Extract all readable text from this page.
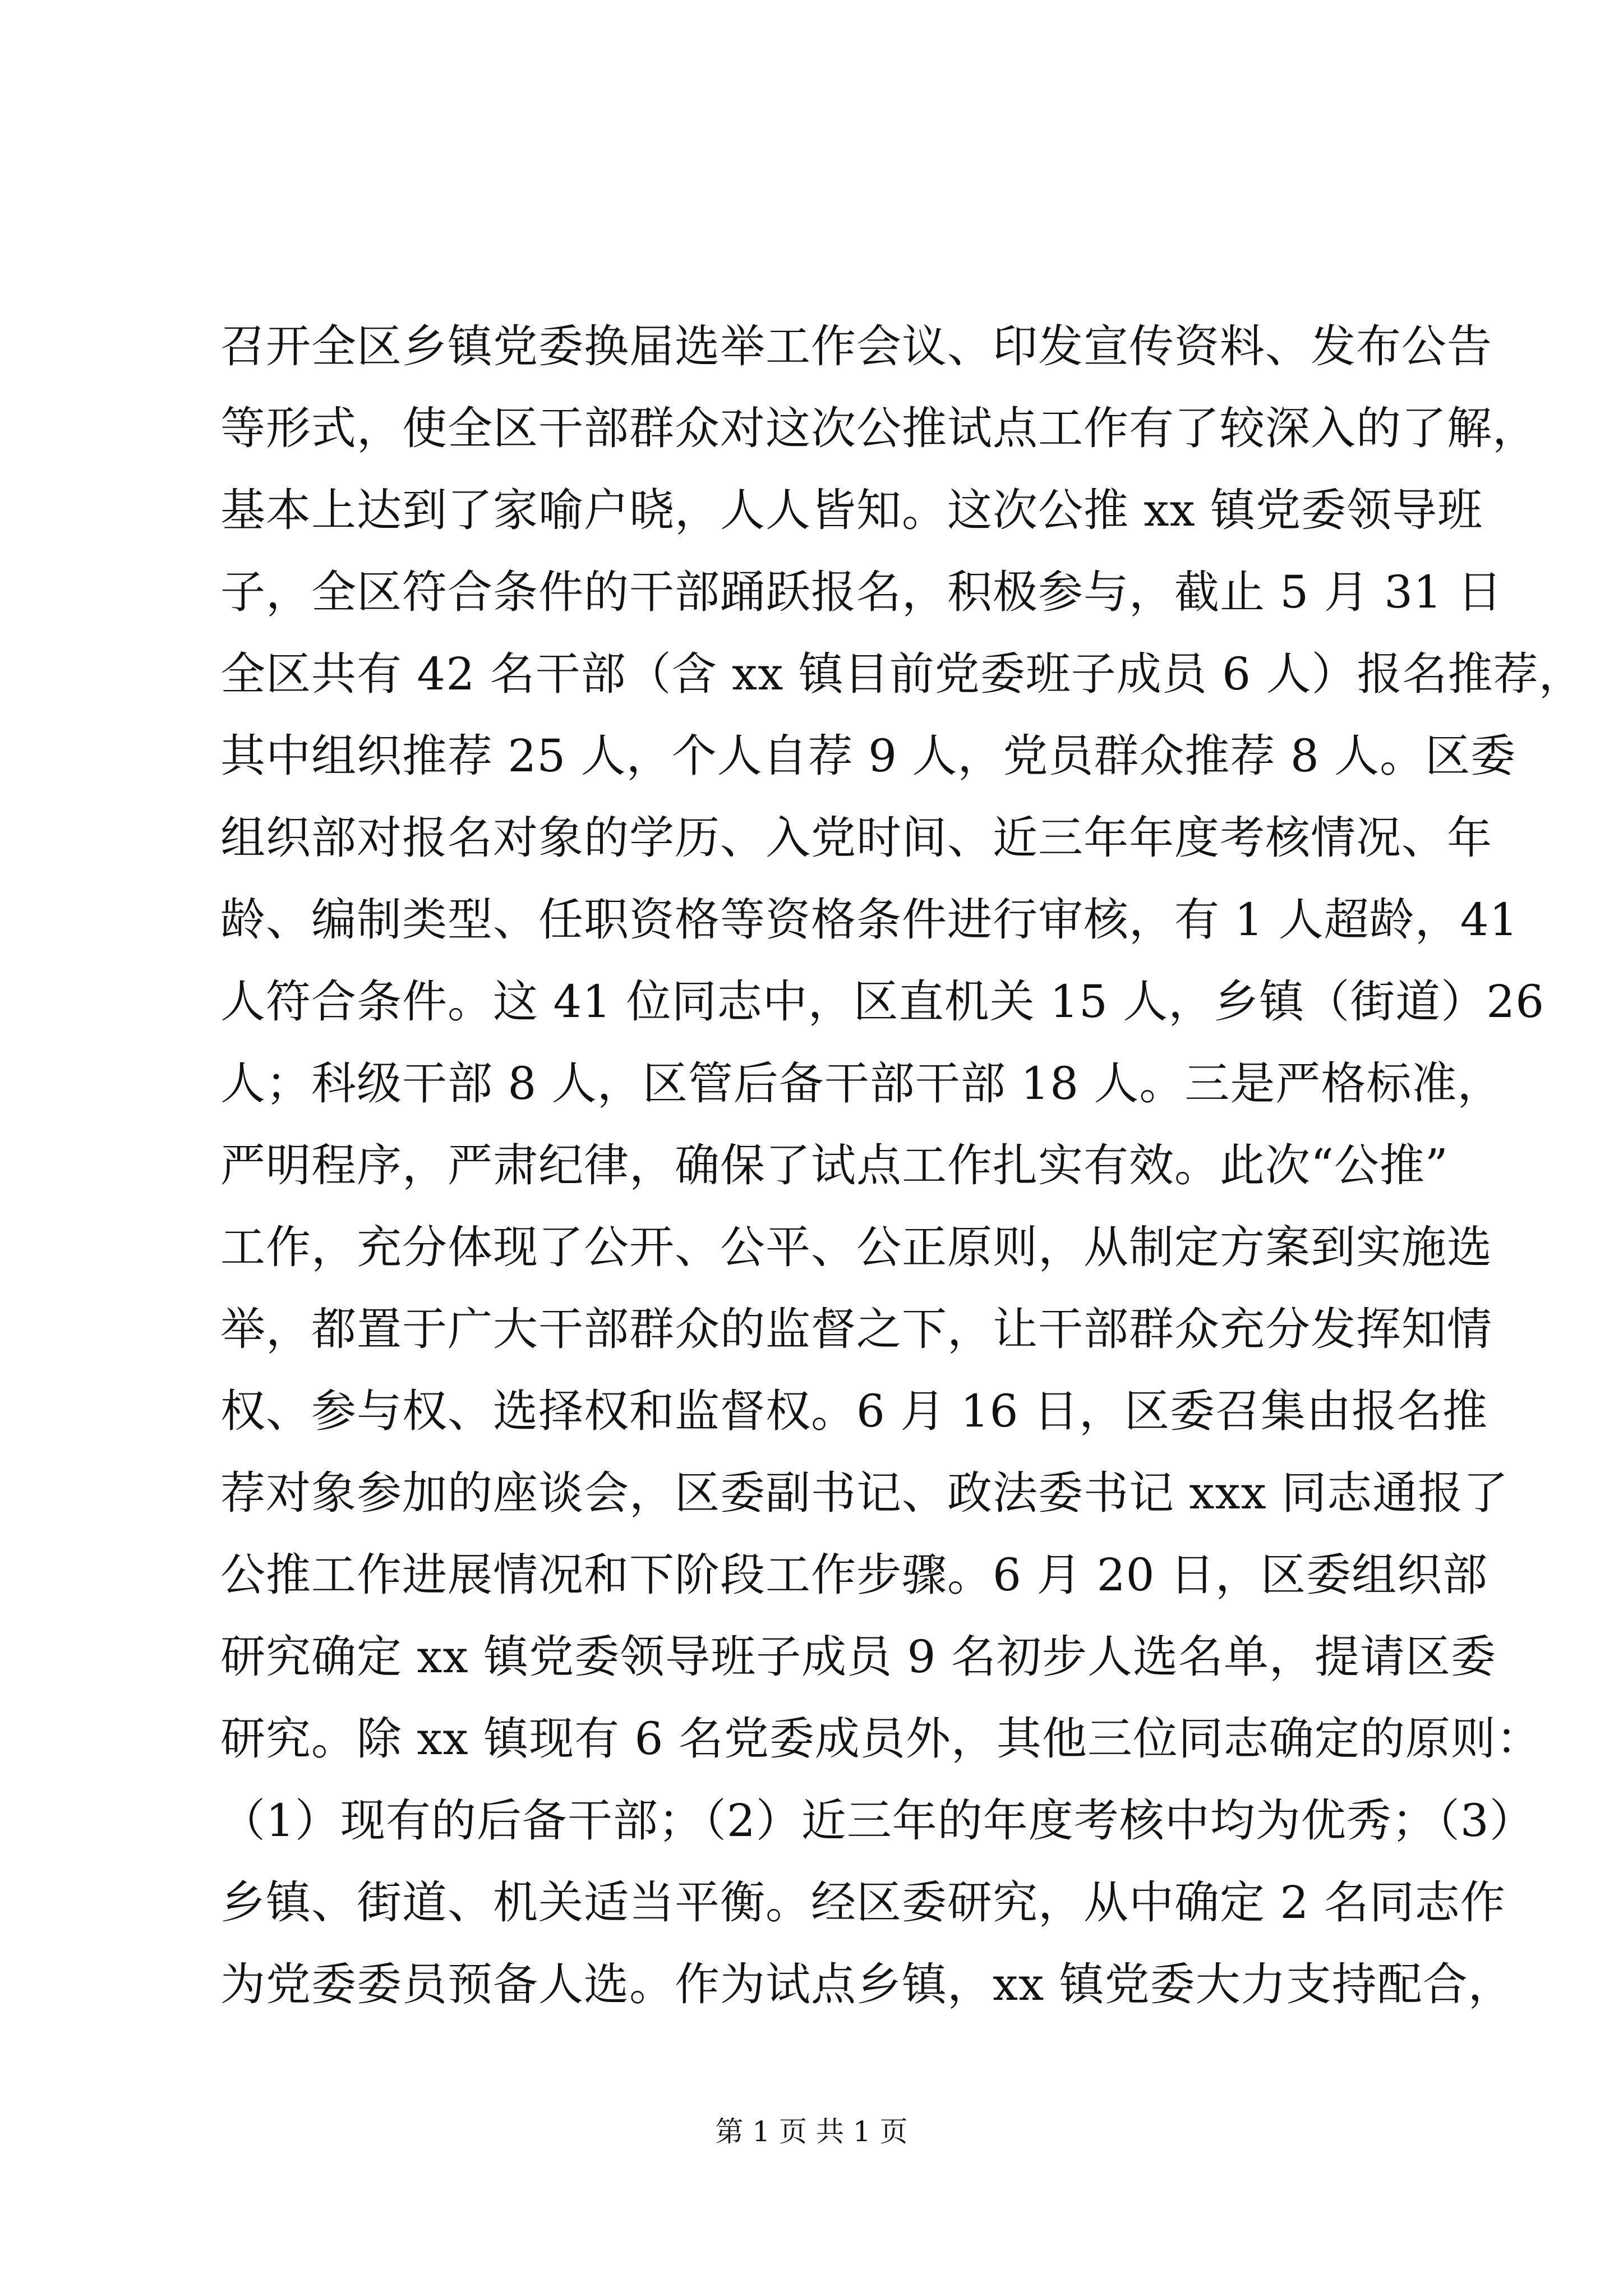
召开全区乡镇党委换届选举工作会议、印发宣传资料、发布公告
等形式，使全区干部群众对这次公推试点工作有了较深入的了解，
基本上达到了家喻户晓，人人皆知。这次公推 xx 镇党委领导班
子，全区符合条件的干部踊跃报名，积极参与，截止 5 月 31 日
全区共有 42 名干部（含 xx 镇目前党委班子成员 6 人）报名推荐，
其中组织推荐 25 人，个人自荐 9 人，党员群众推荐 8 人。区委
组织部对报名对象的学历、入党时间、近三年年度考核情况、年
龄、编制类型、任职资格等资格条件进行审核，有 1 人超龄，41
人符合条件。这 41 位同志中，区直机关 15 人，乡镇（街道）26
人；科级干部 8 人，区管后备干部干部 18 人。三是严格标准，
严明程序，严肃纪律，确保了试点工作扎实有效。此次“公推”
工作，充分体现了公开、公平、公正原则，从制定方案到实施选
举，都置于广大干部群众的监督之下，让干部群众充分发挥知情
权、参与权、选择权和监督权。6 月 16 日，区委召集由报名推
荐对象参加的座谈会，区委副书记、政法委书记 xxx 同志通报了
公推工作进展情况和下阶段工作步骤。6 月 20 日，区委组织部
研究确定 xx 镇党委领导班子成员 9 名初步人选名单，提请区委
研究。除 xx 镇现有 6 名党委成员外，其他三位同志确定的原则：
（1）现有的后备干部；（2）近三年的年度考核中均为优秀；（3）
乡镇、街道、机关适当平衡。经区委研究，从中确定 2 名同志作
为党委委员预备人选。作为试点乡镇，xx 镇党委大力支持配合，
第 1 页 共 1 页
